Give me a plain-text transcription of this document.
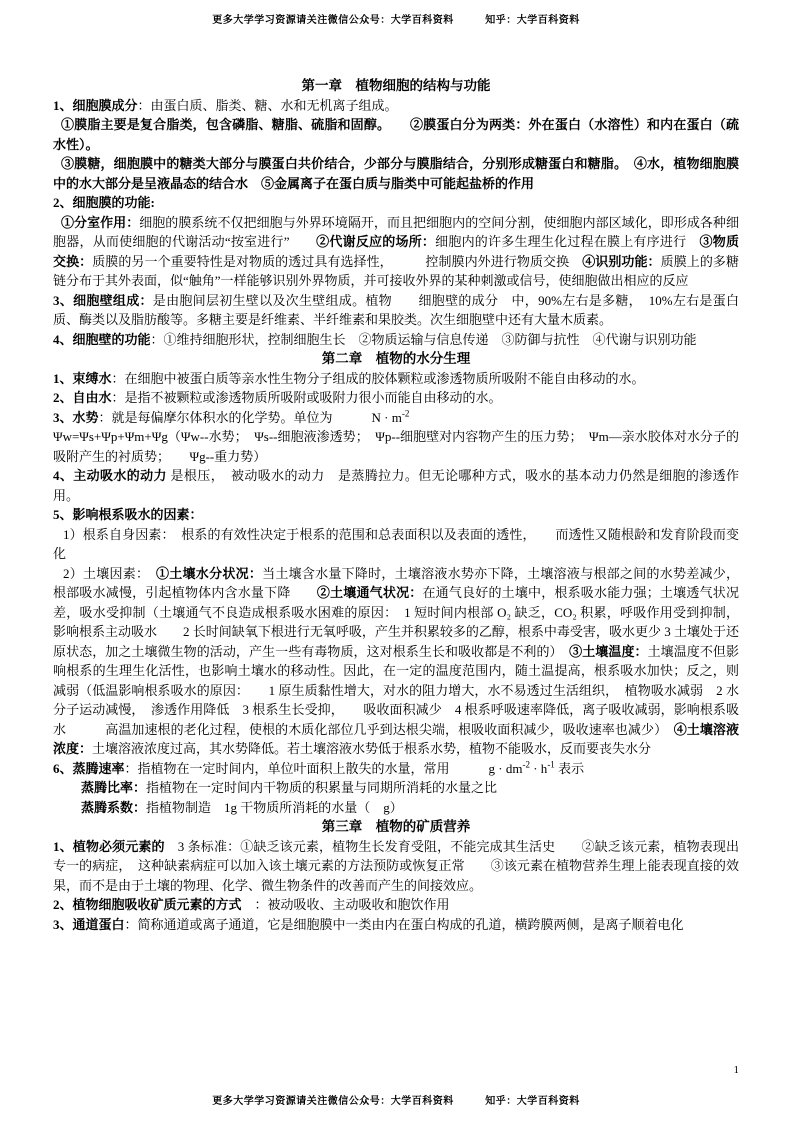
更多大学学习资源请关注微信公众号：大学百科资料　　　知乎：大学百科资料
第一章　植物细胞的结构与功能
1、细胞膜成分：由蛋白质、脂类、糖、水和无机离子组成。
①膜脂主要是复合脂类，包含磷脂、糖脂、硫脂和固醇。　　②膜蛋白分为两类：外在蛋白（水溶性）和内在蛋白（疏水性）。
③膜糖，细胞膜中的糖类大部分与膜蛋白共价结合，少部分与膜脂结合，分别形成糖蛋白和糖脂。　④水，植物细胞膜中的水大部分是呈液晶态的结合水　⑤金属离子在蛋白质与脂类中可能起盐桥的作用
2、细胞膜的功能:
①分室作用：细胞的膜系统不仅把细胞与外界环境隔开，而且把细胞内的空间分割，使细胞内部区域化，即形成各种细胞器，从而使细胞的代谢活动“按室进行”　　②代谢反应的场所：细胞内的许多生理生化过程在膜上有序进行　③物质交换：质膜的另一个重要特性是对物质的透过具有选择性，　　　控制膜内外进行物质交换　④识别功能：质膜上的多糖链分布于其外表面，似“触角”一样能够识别外界物质，并可接收外界的某种刺激或信号，使细胞做出相应的反应
3、细胞壁组成：是由胞间层初生壁以及次生壁组成。植物　　细胞壁的成分　中，90%左右是多糖，　10%左右是蛋白质、酶类以及脂肪酸等。多糖主要是纤维素、半纤维素和果胶类。次生细胞壁中还有大量木质素。
4、细胞壁的功能：①维持细胞形状，控制细胞生长　②物质运输与信息传递　③防御与抗性　④代谢与识别功能
第二章　植物的水分生理
1、束缚水：在细胞中被蛋白质等亲水性生物分子组成的胶体颗粒或渗透物质所吸附不能自由移动的水。
2、自由水：是指不被颗粒或渗透物质所吸附或吸附力很小而能自由移动的水。
3、水势：就是每偏摩尔体积水的化学势。单位为　　　$N \cdot m^{-2}$
Ψw=Ψs+Ψp+Ψm+Ψg（Ψw--水势；　Ψs--细胞液渗透势；　Ψp--细胞壁对内容物产生的压力势；　Ψm—亲水胶体对水分子的吸附产生的衬质势；　　Ψg--重力势）
4、主动吸水的动力 是根压，　被动吸水的动力　是蒸腾拉力。但无论哪种方式，吸水的基本动力仍然是细胞的渗透作用。
5、影响根系吸水的因素：
1）根系自身因素：　根系的有效性决定于根系的范围和总表面积以及表面的透性，　　而透性又随根龄和发育阶段而变化
2）土壤因素：　①土壤水分状况：当土壤含水量下降时，土壤溶液水势亦下降，土壤溶液与根部之间的水势差减少，根部吸水减慢，引起植物体内含水量下降　　②土壤通气状况：在通气良好的土壤中，根系吸水能力强；土壤透气状况差，吸水受抑制（土壤通气不良造成根系吸水困难的原因：　1 短时间内根部 O₂ 缺乏，CO₂ 积累，呼吸作用受到抑制，影响根系主动吸水　　2 长时间缺氧下根进行无氧呼吸，产生并积累较多的乙醇，根系中毒受害，吸水更少 3 土壤处于还原状态，加之土壤微生物的活动，产生一些有毒物质，这对根系生长和吸收都是不利的）　③土壤温度：土壤温度不但影响根系的生理生化活性，也影响土壤水的移动性。因此，在一定的温度范围内，随土温提高，根系吸水加快；反之，则减弱（低温影响根系吸水的原因：　　1 原生质黏性增大，对水的阻力增大，水不易透过生活组织，　植物吸水减弱　2 水分子运动减慢，　渗透作用降低　3 根系生长受抑，　　吸收面积减少　4 根系呼吸速率降低，离子吸收减弱，影响根系吸水　　　高温加速根的老化过程，使根的木质化部位几乎到达根尖端，根吸收面积减少，吸收速率也减少）　④土壤溶液浓度：土壤溶液浓度过高，其水势降低。若土壤溶液水势低于根系水势，植物不能吸水，反而要丧失水分
6、蒸腾速率：指植物在一定时间内，单位叶面积上散失的水量，常用　　　$g \cdot dm^{-2} \cdot h^{-1}$ 表示
蒸腾比率：指植物在一定时间内干物质的积累量与同期所消耗的水量之比
蒸腾系数：指植物制造　1g 干物质所消耗的水量（　g）
第三章　植物的矿质营养
1、植物必须元素的　3 条标准：①缺乏该元素，植物生长发育受阻，不能完成其生活史　　②缺乏该元素，植物表现出专一的病症，　这种缺素病症可以加入该土壤元素的方法预防或恢复正常　　③该元素在植物营养生理上能表现直接的效果，而不是由于土壤的物理、化学、微生物条件的改善而产生的间接效应。
2、植物细胞吸收矿质元素的方式　：被动吸收、主动吸收和胞饮作用
3、通道蛋白：简称通道或离子通道，它是细胞膜中一类由内在蛋白构成的孔道，横跨膜两侧，是离子顺着电化
1
更多大学学习资源请关注微信公众号：大学百科资料　　　知乎：大学百科资料
